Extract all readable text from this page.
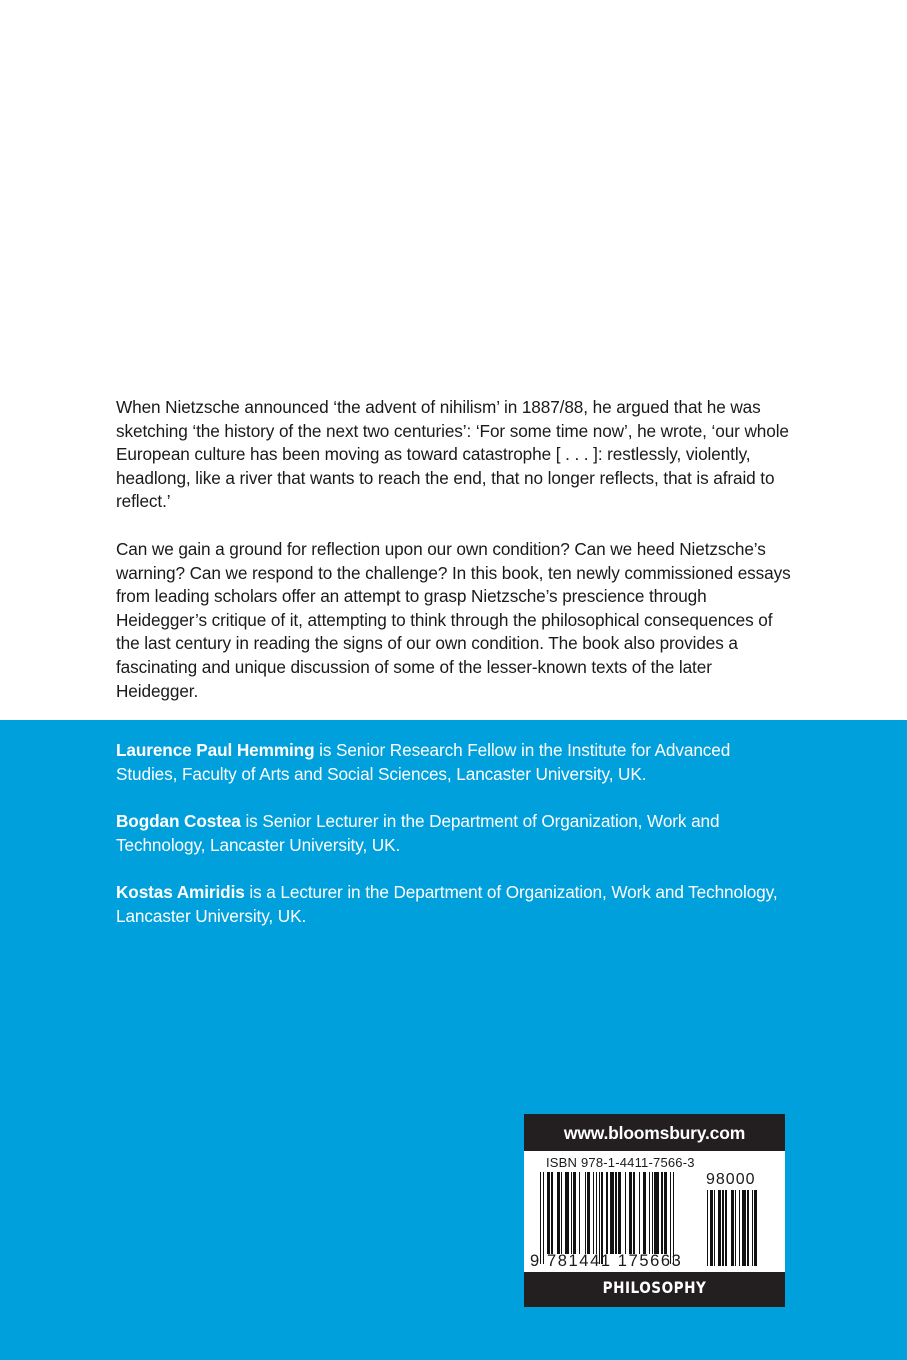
When Nietzsche announced ‘the advent of nihilism’ in 1887/88, he argued that he was sketching ‘the history of the next two centuries’: ‘For some time now’, he wrote, ‘our whole European culture has been moving as toward catastrophe [ . . . ]: restlessly, violently, headlong, like a river that wants to reach the end, that no longer reflects, that is afraid to reflect.’

Can we gain a ground for reflection upon our own condition? Can we heed Nietzsche’s warning? Can we respond to the challenge? In this book, ten newly commissioned essays from leading scholars offer an attempt to grasp Nietzsche’s prescience through Heidegger’s critique of it, attempting to think through the philosophical consequences of the last century in reading the signs of our own condition. The book also provides a fascinating and unique discussion of some of the lesser-known texts of the later Heidegger.

Laurence Paul Hemming is Senior Research Fellow in the Institute for Advanced Studies, Faculty of Arts and Social Sciences, Lancaster University, UK.
Bogdan Costea is Senior Lecturer in the Department of Organization, Work and Technology, Lancaster University, UK.
Kostas Amiridis is a Lecturer in the Department of Organization, Work and Technology, Lancaster University, UK.
www.bloomsbury.com
ISBN 978-1-4411-7566-3
98000
9 781441 175663
PHILOSOPHY
